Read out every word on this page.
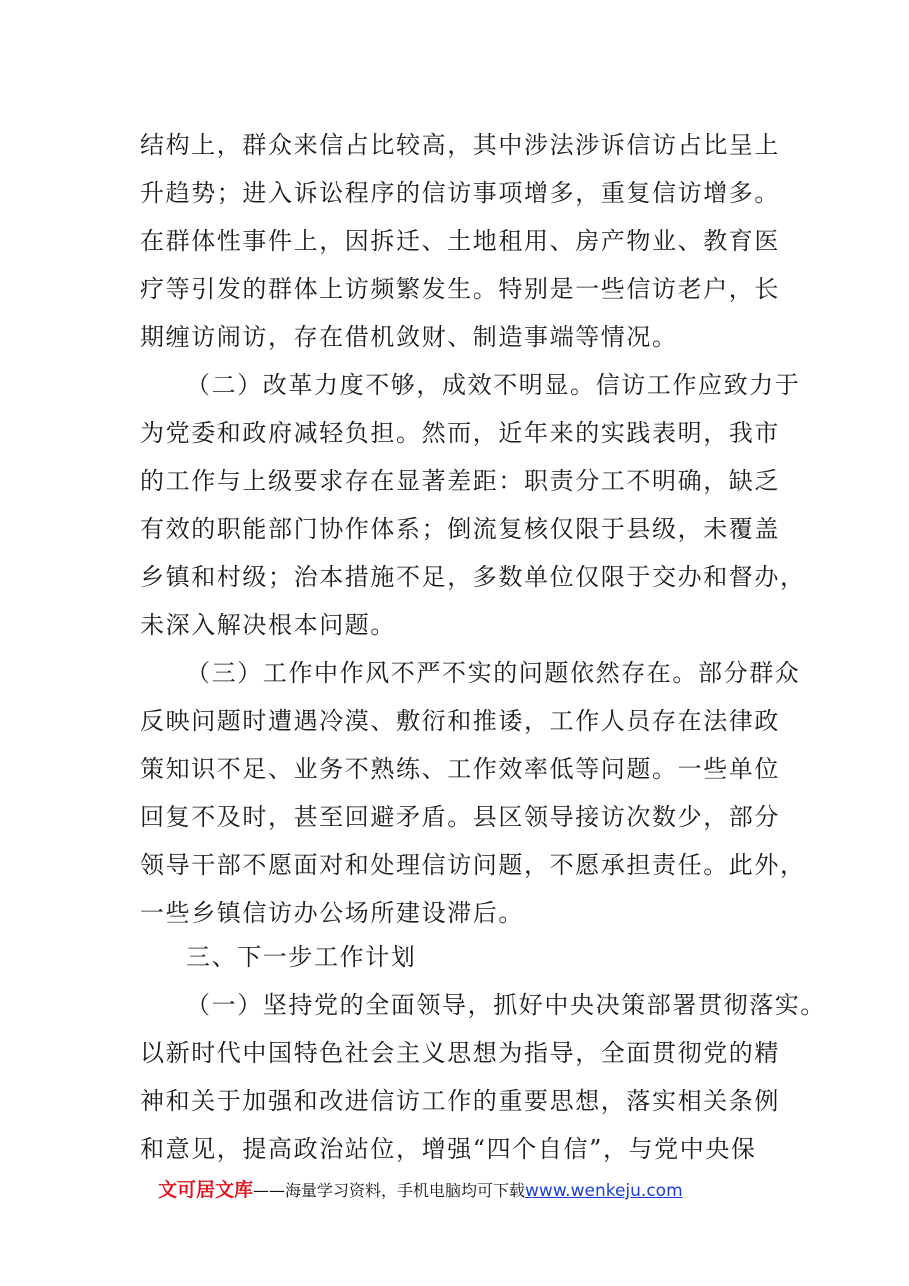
结构上，群众来信占比较高，其中涉法涉诉信访占比呈上
升趋势；进入诉讼程序的信访事项增多，重复信访增多。
在群体性事件上，因拆迁、土地租用、房产物业、教育医
疗等引发的群体上访频繁发生。特别是一些信访老户，长
期缠访闹访，存在借机敛财、制造事端等情况。
（二）改革力度不够，成效不明显。信访工作应致力于
为党委和政府减轻负担。然而，近年来的实践表明，我市
的工作与上级要求存在显著差距：职责分工不明确，缺乏
有效的职能部门协作体系；倒流复核仅限于县级，未覆盖
乡镇和村级；治本措施不足，多数单位仅限于交办和督办，
未深入解决根本问题。
（三）工作中作风不严不实的问题依然存在。部分群众
反映问题时遭遇冷漠、敷衍和推诿，工作人员存在法律政
策知识不足、业务不熟练、工作效率低等问题。一些单位
回复不及时，甚至回避矛盾。县区领导接访次数少，部分
领导干部不愿面对和处理信访问题，不愿承担责任。此外，
一些乡镇信访办公场所建设滞后。
三、下一步工作计划
（一）坚持党的全面领导，抓好中央决策部署贯彻落实。
以新时代中国特色社会主义思想为指导，全面贯彻党的精
神和关于加强和改进信访工作的重要思想，落实相关条例
和意见，提高政治站位，增强“四个自信”，与党中央保
文可居文库——海量学习资料，手机电脑均可下载www.wenkeju.com
